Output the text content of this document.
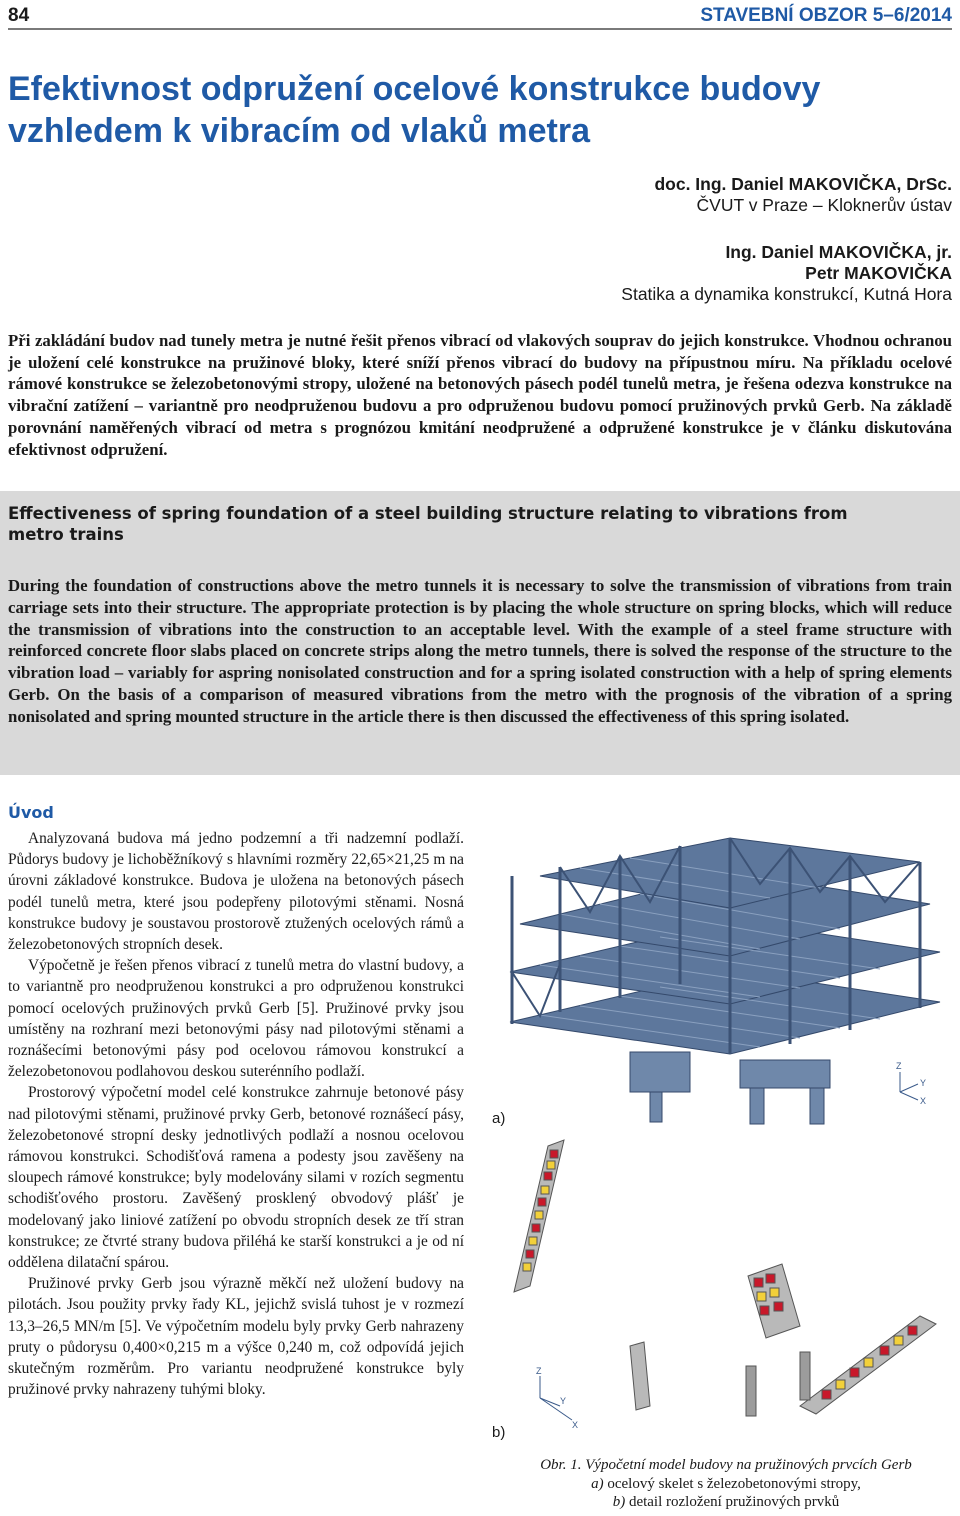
84	STAVEBNÍ OBZOR 5–6/2014
Efektivnost odpružení ocelové konstrukce budovy vzhledem k vibracím od vlaků metra
doc. Ing. Daniel MAKOVIČKA, DrSc.
ČVUT v Praze – Kloknerův ústav
Ing. Daniel MAKOVIČKA, jr.
Petr MAKOVIČKA
Statika a dynamika konstrukcí, Kutná Hora

Při zakládání budov nad tunely metra je nutné řešit přenos vibrací od vlakových souprav do jejich konstrukce. Vhodnou ochranou je uložení celé konstrukce na pružinové bloky, které sníží přenos vibrací do budovy na přípustnou míru. Na příkladu ocelové rámové konstrukce se železobetonovými stropy, uložené na betonových pásech podél tunelů metra, je řešena odezva konstrukce na vibrační zatížení – variantně pro neodpruženou budovu a pro odpruženou budovu pomocí pružinových prvků Gerb. Na základě porovnání naměřených vibrací od metra s prognózou kmitání neodpružené a odpružené konstrukce je v článku diskutována efektivnost odpružení.

Effectiveness of spring foundation of a steel building structure relating to vibrations from metro trains

During the foundation of constructions above the metro tunnels it is necessary to solve the transmission of vibrations from train carriage sets into their structure. The appropriate protection is by placing the whole structure on spring blocks, which will reduce the transmission of vibrations into the construction to an acceptable level. With the example of a steel frame structure with reinforced concrete floor slabs placed on concrete strips along the metro tunnels, there is solved the response of the structure to the vibration load – variably for aspring nonisolated construction and for a spring isolated construction with a help of spring elements Gerb. On the basis of a comparison of measured vibrations from the metro with the prognosis of the vibration of a spring nonisolated and spring mounted structure in the article there is then discussed the effectiveness of this spring isolated.

Úvod

Analyzovaná budova má jedno podzemní a tři nadzemní podlaží. Půdorys budovy je lichoběžníkový s hlavními rozměry 22,65×21,25 m na úrovni základové konstrukce. Budova je uložena na betonových pásech podél tunelů metra, které jsou podepřeny pilotovými stěnami. Nosná konstrukce budovy je soustavou prostorově ztužených ocelových rámů a železobetonových stropních desek.

Výpočetně je řešen přenos vibrací z tunelů metra do vlastní budovy, a to variantně pro neodpruženou konstrukci a pro odpruženou konstrukci pomocí ocelových pružinových prvků Gerb [5]. Pružinové prvky jsou umístěny na rozhraní mezi betonovými pásy nad pilotovými stěnami a roznášecími betonovými pásy pod ocelovou rámovou konstrukcí a železobetonovou podlahovou deskou suterénního podlaží.

Prostorový výpočetní model celé konstrukce zahrnuje betonové pásy nad pilotovými stěnami, pružinové prvky Gerb, betonové roznášecí pásy, železobetonové stropní desky jednotlivých podlaží a nosnou ocelovou rámovou konstrukci. Schodišťová ramena a podesty jsou zavěšeny na sloupech rámové konstrukce; byly modelovány silami v rozích segmentu schodišťového prostoru. Zavěšený prosklený obvodový plášť je modelovaný jako liniové zatížení po obvodu stropních desek ze tří stran konstrukce; ze čtvrté strany budova přiléhá ke starší konstrukci a je od ní oddělena dilatační spárou.

Pružinové prvky Gerb jsou výrazně měkčí než uložení budovy na pilotách. Jsou použity prvky řady KL, jejichž svislá tuhost je v rozmezí 13,3–26,5 MN/m [5]. Ve výpočetním modelu byly prvky Gerb nahrazeny pruty o půdorysu 0,400×0,215 m a výšce 0,240 m, což odpovídá jejich skutečným rozměrům. Pro variantu neodpružené konstrukce byly pružinové prvky nahrazeny tuhými bloky.

Z
Y
X
a)
Z
Y
X
b)
Obr. 1. Výpočetní model budovy na pružinových prvcích Gerb
a) ocelový skelet s železobetonovými stropy,
b) detail rozložení pružinových prvků
